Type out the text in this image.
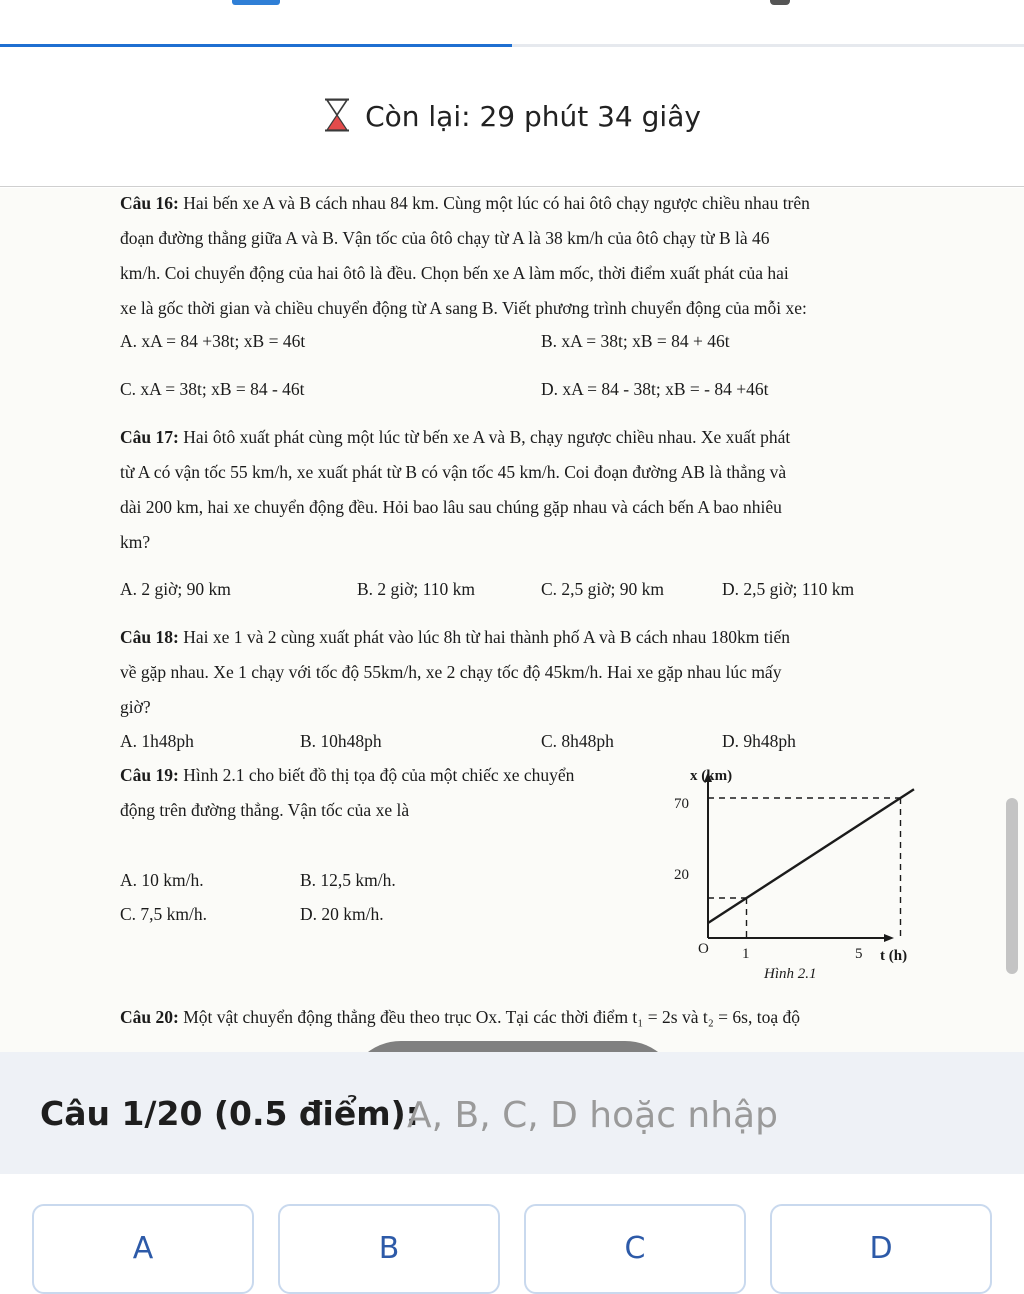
Còn lại: 29 phút 34 giây
Câu 16: Hai bến xe A và B cách nhau 84 km. Cùng một lúc có hai ôtô chạy ngược chiều nhau trên
đoạn đường thẳng giữa A và B. Vận tốc của ôtô chạy từ A là 38 km/h của ôtô chạy từ B là 46
km/h. Coi chuyển động của hai ôtô là đều. Chọn bến xe A làm mốc, thời điểm xuất phát của hai
xe là gốc thời gian và chiều chuyển động từ A sang B. Viết phương trình chuyển động của mỗi xe:
A. xA = 84 +38t; xB = 46t	B. xA = 38t; xB = 84 + 46t
C. xA = 38t; xB = 84 - 46t	D. xA = 84 - 38t; xB = - 84 +46t
Câu 17: Hai ôtô xuất phát cùng một lúc từ bến xe A và B, chạy ngược chiều nhau. Xe xuất phát
từ A có vận tốc 55 km/h, xe xuất phát từ B có vận tốc 45 km/h. Coi đoạn đường AB là thẳng và
dài 200 km, hai xe chuyển động đều. Hỏi bao lâu sau chúng gặp nhau và cách bến A bao nhiêu
km?
A. 2 giờ; 90 km	B. 2 giờ; 110 km	C. 2,5 giờ; 90 km	D. 2,5 giờ; 110 km
Câu 18: Hai xe 1 và 2 cùng xuất phát vào lúc 8h từ hai thành phố A và B cách nhau 180km tiến
về gặp nhau. Xe 1 chạy với tốc độ 55km/h, xe 2 chạy tốc độ 45km/h. Hai xe gặp nhau lúc mấy
giờ?
A. 1h48ph	B. 10h48ph	C. 8h48ph	D. 9h48ph
Câu 19: Hình 2.1 cho biết đồ thị tọa độ của một chiếc xe chuyển
động trên đường thẳng. Vận tốc của xe là
A. 10 km/h.	B. 12,5 km/h.
C. 7,5 km/h.	D. 20 km/h.
x (km)
t (h)
O
70
20
1	5
Hình 2.1
Câu 20: Một vật chuyển động thẳng đều theo trục Ox. Tại các thời điểm t₁ = 2s và t₂ = 6s, toạ độ
Câu 1/20 (0.5 điểm):
A, B, C, D hoặc nhập
A	B	C	D
